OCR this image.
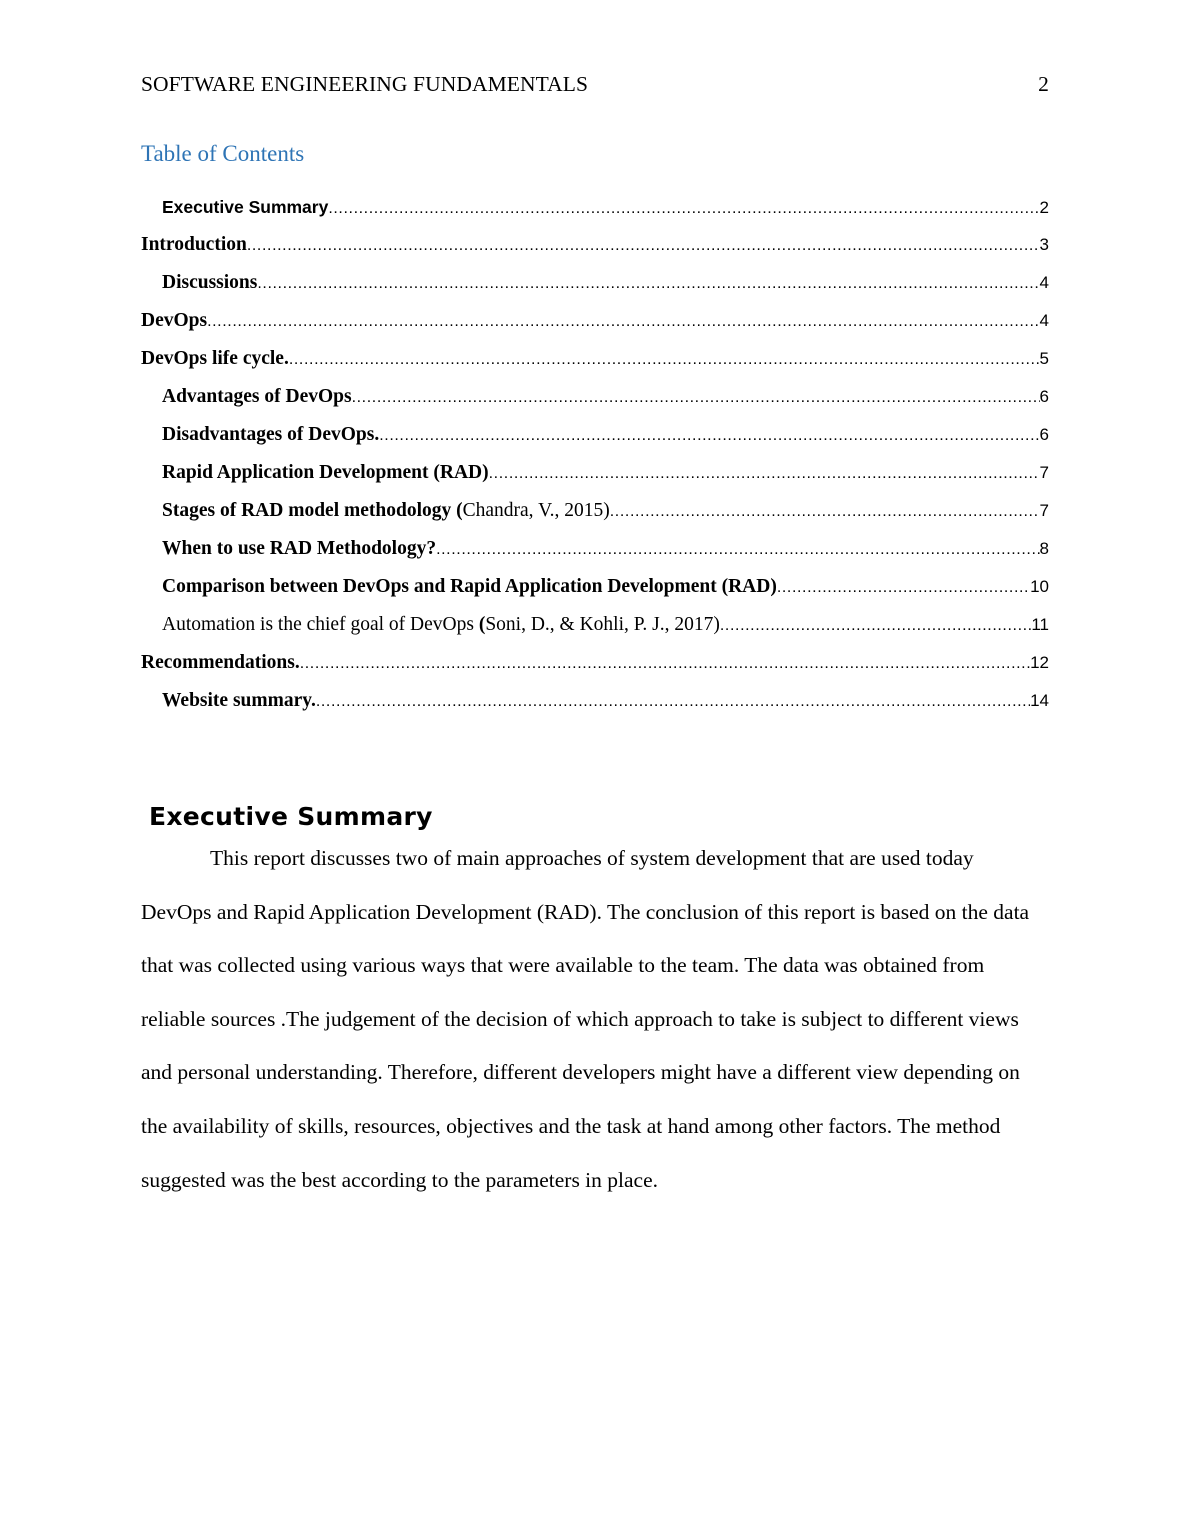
SOFTWARE ENGINEERING FUNDAMENTALS	2
Table of Contents
Executive Summary .....	2
Introduction .....	3
Discussions .....	4
DevOps .....	4
DevOps life cycle. .....	5
Advantages of DevOps .....	6
Disadvantages of DevOps. .....	6
Rapid Application Development (RAD) .....	7
Stages of RAD model methodology (Chandra, V., 2015) .....	7
When to use RAD Methodology? .....	8
Comparison between DevOps and Rapid Application Development (RAD) .....	10
Automation is the chief goal of DevOps (Soni, D., & Kohli, P. J., 2017) .....	11
Recommendations. .....	12
Website summary. .....	14
Executive Summary

This report discusses two of main approaches of system development that are used today DevOps and Rapid Application Development (RAD). The conclusion of this report is based on the data that was collected using various ways that were available to the team. The data was obtained from reliable sources .The judgement of the decision of which approach to take is subject to different views and personal understanding. Therefore, different developers might have a different view depending on the availability of skills, resources, objectives and the task at hand among other factors. The method suggested was the best according to the parameters in place.
